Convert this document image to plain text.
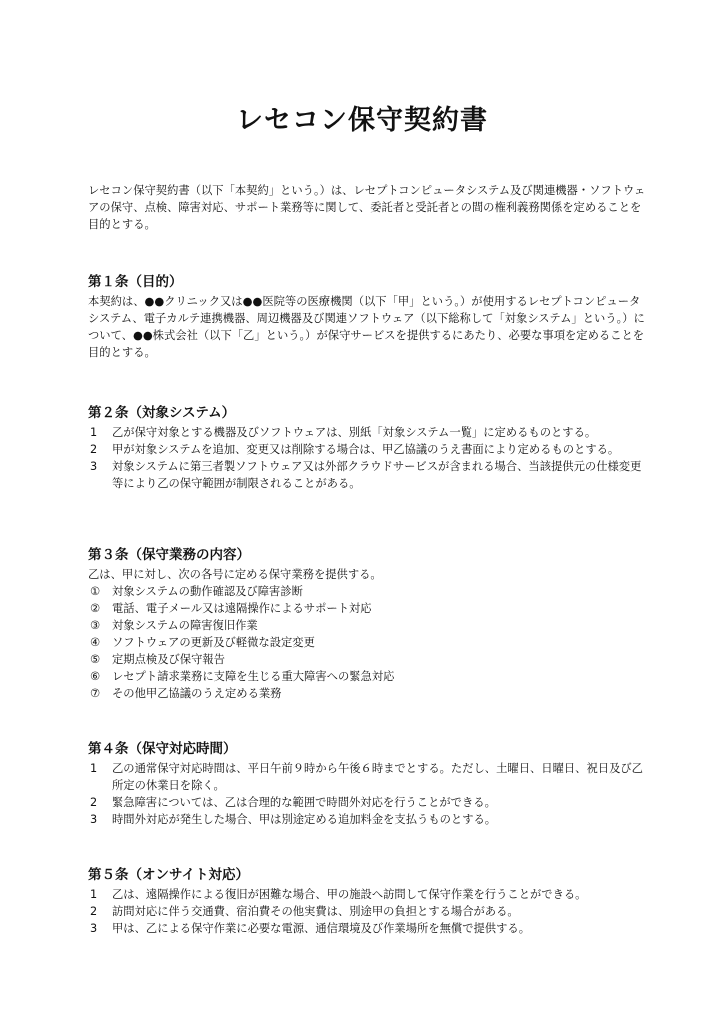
レセコン保守契約書

レセコン保守契約書（以下「本契約」という。）は、レセプトコンピュータシステム及び関連機器・ソフトウェアの保守、点検、障害対応、サポート業務等に関して、委託者と受託者との間の権利義務関係を定めることを目的とする。

第１条（目的）

本契約は、●●クリニック又は●●医院等の医療機関（以下「甲」という。）が使用するレセプトコンピュータシステム、電子カルテ連携機器、周辺機器及び関連ソフトウェア（以下総称して「対象システム」という。）について、●●株式会社（以下「乙」という。）が保守サービスを提供するにあたり、必要な事項を定めることを目的とする。

第２条（対象システム）
1	乙が保守対象とする機器及びソフトウェアは、別紙「対象システム一覧」に定めるものとする。
2	甲が対象システムを追加、変更又は削除する場合は、甲乙協議のうえ書面により定めるものとする。
3	対象システムに第三者製ソフトウェア又は外部クラウドサービスが含まれる場合、当該提供元の仕様変更等により乙の保守範囲が制限されることがある。
第３条（保守業務の内容）

乙は、甲に対し、次の各号に定める保守業務を提供する。

①	対象システムの動作確認及び障害診断
②	電話、電子メール又は遠隔操作によるサポート対応
③	対象システムの障害復旧作業
④	ソフトウェアの更新及び軽微な設定変更
⑤	定期点検及び保守報告
⑥	レセプト請求業務に支障を生じる重大障害への緊急対応
⑦	その他甲乙協議のうえ定める業務
第４条（保守対応時間）
1	乙の通常保守対応時間は、平日午前９時から午後６時までとする。ただし、土曜日、日曜日、祝日及び乙所定の休業日を除く。
2	緊急障害については、乙は合理的な範囲で時間外対応を行うことができる。
3	時間外対応が発生した場合、甲は別途定める追加料金を支払うものとする。
第５条（オンサイト対応）
1	乙は、遠隔操作による復旧が困難な場合、甲の施設へ訪問して保守作業を行うことができる。
2	訪問対応に伴う交通費、宿泊費その他実費は、別途甲の負担とする場合がある。
3	甲は、乙による保守作業に必要な電源、通信環境及び作業場所を無償で提供する。
